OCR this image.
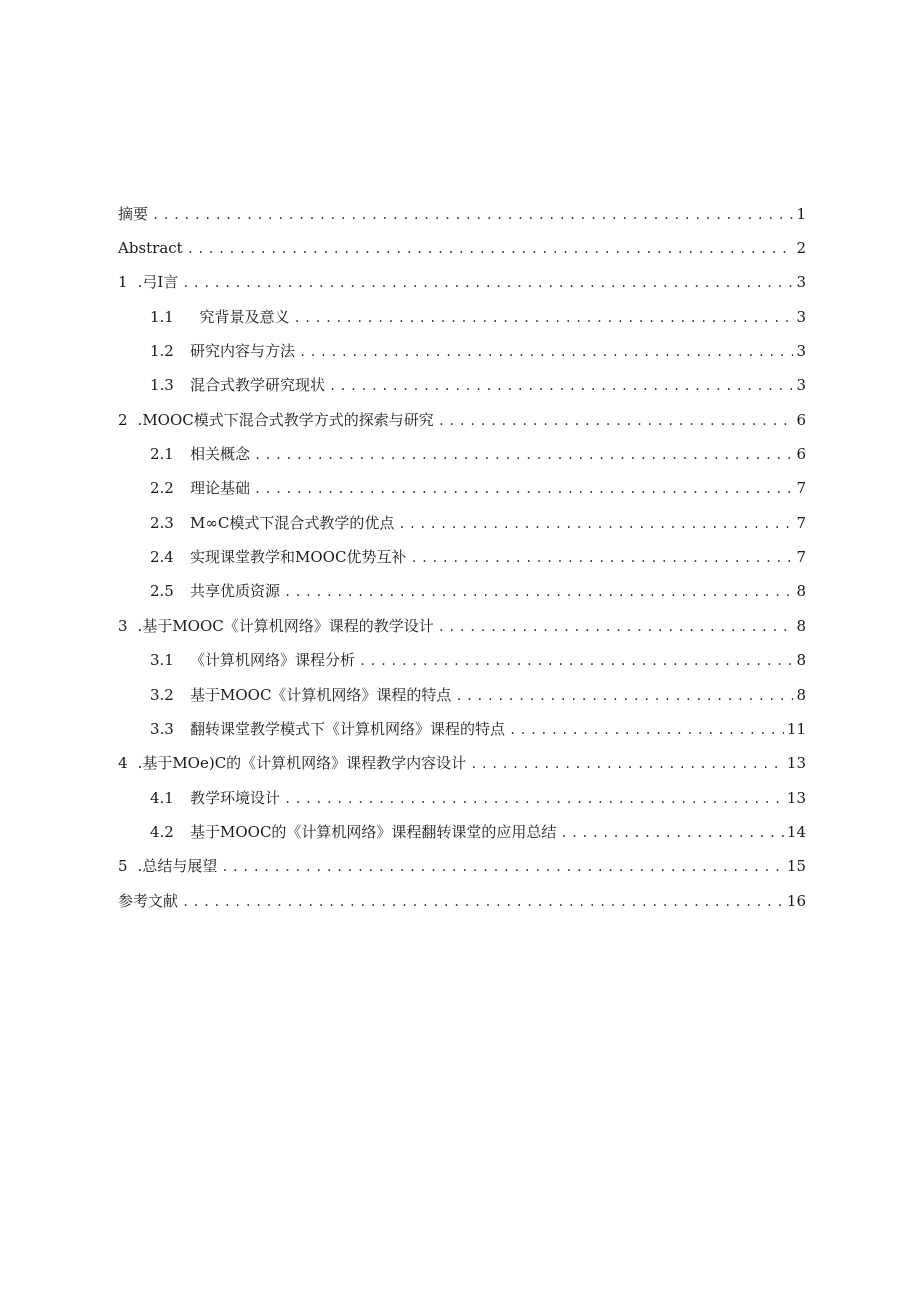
摘要 .....	1
Abstract .....	2
1 .弓I言 .....	3
1.1	究背景及意义 .....	3
1.2	研究内容与方法 .....	3
1.3	混合式教学研究现状 .....	3
2 .MOOC模式下混合式教学方式的探索与研究 .....	6
2.1	相关概念 .....	6
2.2	理论基础 .....	7
2.3	M∞C模式下混合式教学的优点 .....	7
2.4	实现课堂教学和MOOC优势互补 .....	7
2.5	共享优质资源 .....	8
3 .基于MOOC《计算机网络》课程的教学设计 .....	8
3.1	《计算机网络》课程分析 .....	8
3.2	基于MOOC《计算机网络》课程的特点 .....	8
3.3	翻转课堂教学模式下《计算机网络》课程的特点 .....	11
4 .基于MOe)C的《计算机网络》课程教学内容设计 .....	13
4.1	教学环境设计 .....	13
4.2	基于MOOC的《计算机网络》课程翻转课堂的应用总结 .....	14
5 .总结与展望 .....	15
参考文献 .....	16
